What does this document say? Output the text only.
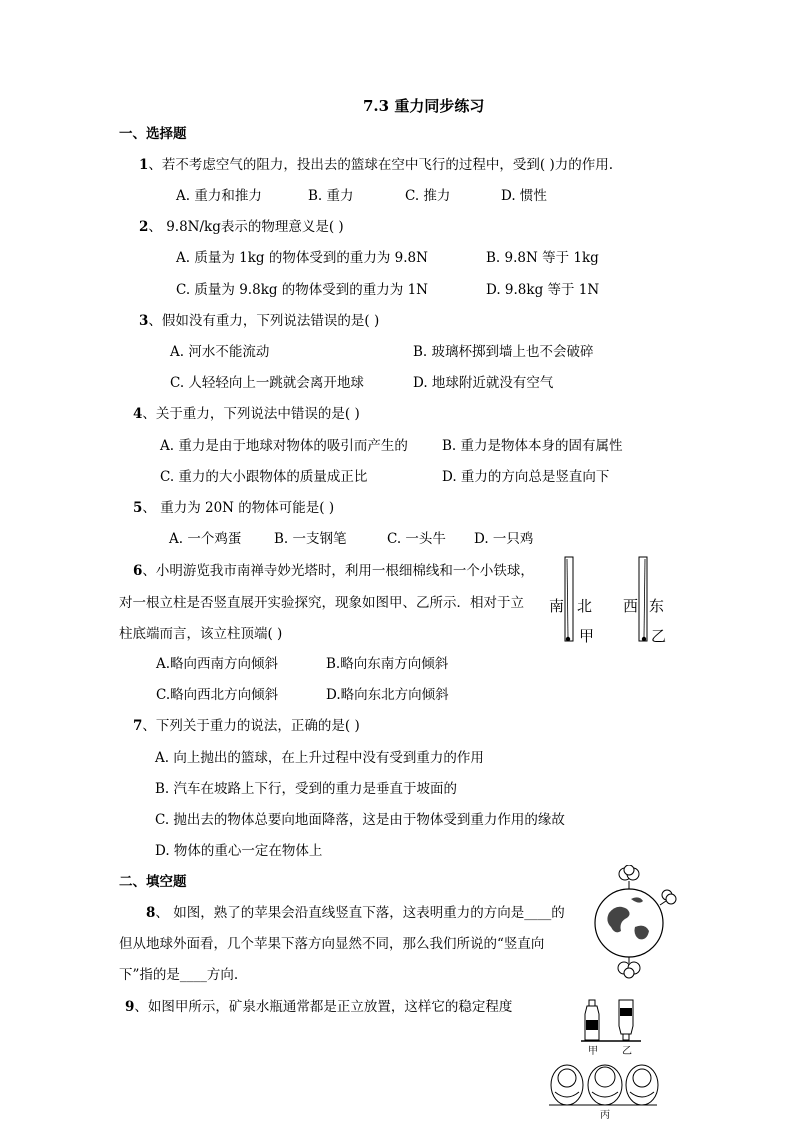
7.3 重力同步练习
一、选择题
1、若不考虑空气的阻力，投出去的篮球在空中飞行的过程中，受到( )力的作用.
A. 重力和推力	B. 重力	C. 推力	D. 惯性
2、 9.8N/kg表示的物理意义是( )
A. 质量为 1kg 的物体受到的重力为 9.8N	B. 9.8N 等于 1kg
C. 质量为 9.8kg 的物体受到的重力为 1N	D. 9.8kg 等于 1N
3、假如没有重力，下列说法错误的是( )
A. 河水不能流动	B. 玻璃杯掷到墙上也不会破碎
C. 人轻轻向上一跳就会离开地球	D. 地球附近就没有空气
4、关于重力，下列说法中错误的是( )
A. 重力是由于地球对物体的吸引而产生的	B. 重力是物体本身的固有属性
C. 重力的大小跟物体的质量成正比	D. 重力的方向总是竖直向下
5、 重力为 20N 的物体可能是( )
A. 一个鸡蛋 B. 一支钢笔	C. 一头牛 D. 一只鸡
6、小明游览我市南禅寺妙光塔时，利用一根细棉线和一个小铁球，
对一根立柱是否竖直展开实验探究，现象如图甲、乙所示．相对于立
柱底端而言，该立柱顶端( )
A.略向西南方向倾斜	B.略向东南方向倾斜
C.略向西北方向倾斜	D.略向东北方向倾斜
南 北
甲
西 东
乙
7、下列关于重力的说法，正确的是( )
A. 向上抛出的篮球，在上升过程中没有受到重力的作用
B. 汽车在坡路上下行，受到的重力是垂直于坡面的
C. 抛出去的物体总要向地面降落，这是由于物体受到重力作用的缘故
D. 物体的重心一定在物体上
二、填空题
8、 如图，熟了的苹果会沿直线竖直下落，这表明重力的方向是____的
但从地球外面看，几个苹果下落方向显然不同，那么我们所说的“竖直向
下”指的是____方向.
9、如图甲所示，矿泉水瓶通常都是正立放置，这样它的稳定程度
甲 乙
丙
